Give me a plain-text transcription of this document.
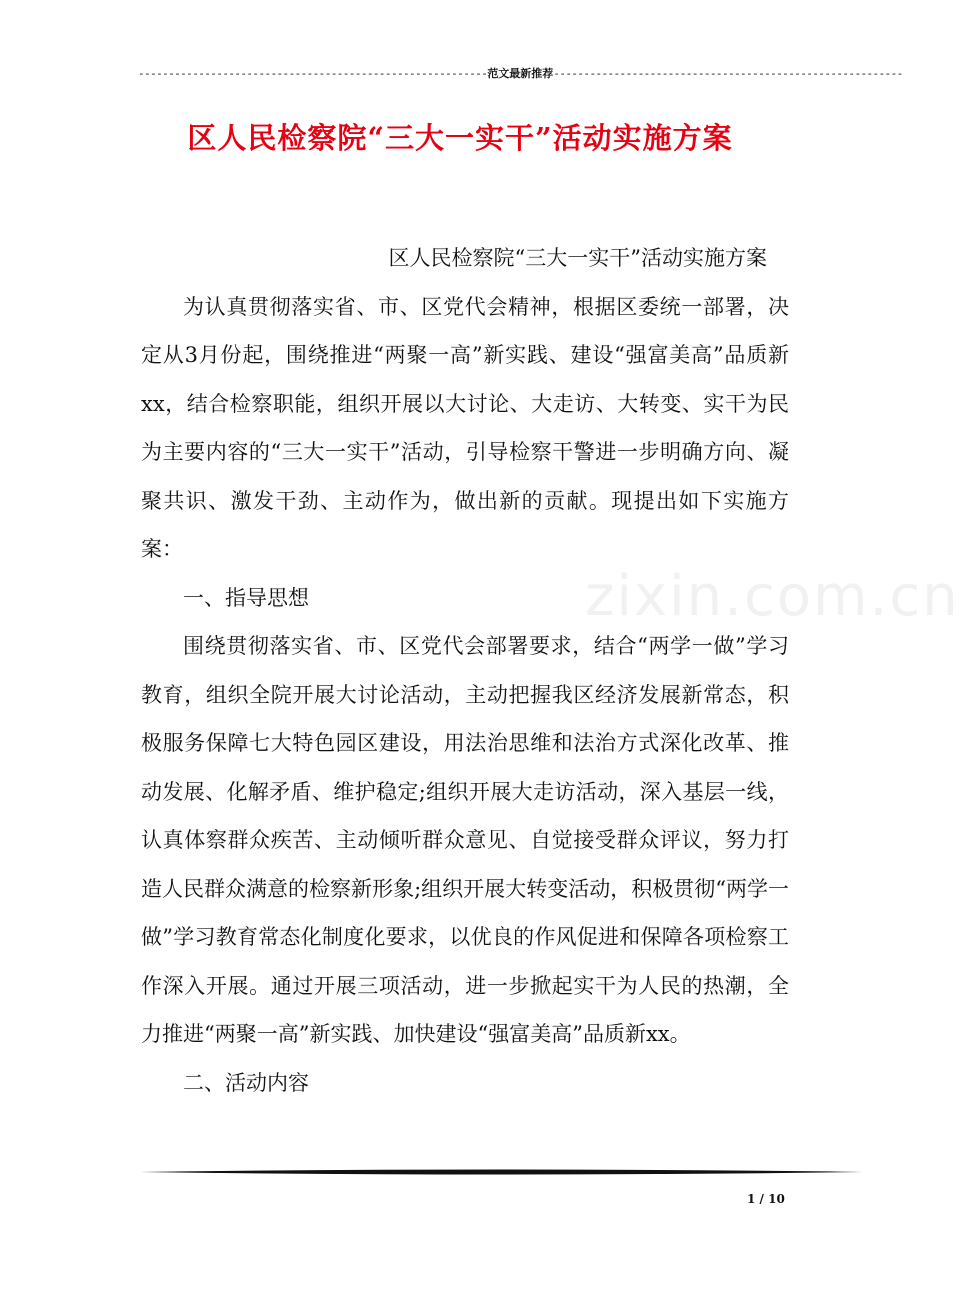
----------------------------------------------------------范文最新推荐----------------------------------------------------------
区人民检察院“三大一实干”活动实施方案
zixin.com.cn

区人民检察院“三大一实干”活动实施方案

为认真贯彻落实省、市、区党代会精神，根据区委统一部署，决定从3月份起，围绕推进“两聚一高”新实践、建设“强富美高”品质新xx，结合检察职能，组织开展以大讨论、大走访、大转变、实干为民为主要内容的“三大一实干”活动，引导检察干警进一步明确方向、凝聚共识、激发干劲、主动作为，做出新的贡献。现提出如下实施方案：

一、指导思想

围绕贯彻落实省、市、区党代会部署要求，结合“两学一做”学习教育，组织全院开展大讨论活动，主动把握我区经济发展新常态，积极服务保障七大特色园区建设，用法治思维和法治方式深化改革、推动发展、化解矛盾、维护稳定;组织开展大走访活动，深入基层一线，认真体察群众疾苦、主动倾听群众意见、自觉接受群众评议，努力打造人民群众满意的检察新形象;组织开展大转变活动，积极贯彻“两学一做”学习教育常态化制度化要求，以优良的作风促进和保障各项检察工作深入开展。通过开展三项活动，进一步掀起实干为人民的热潮，全力推进“两聚一高”新实践、加快建设“强富美高”品质新xx。

二、活动内容

1 / 10
